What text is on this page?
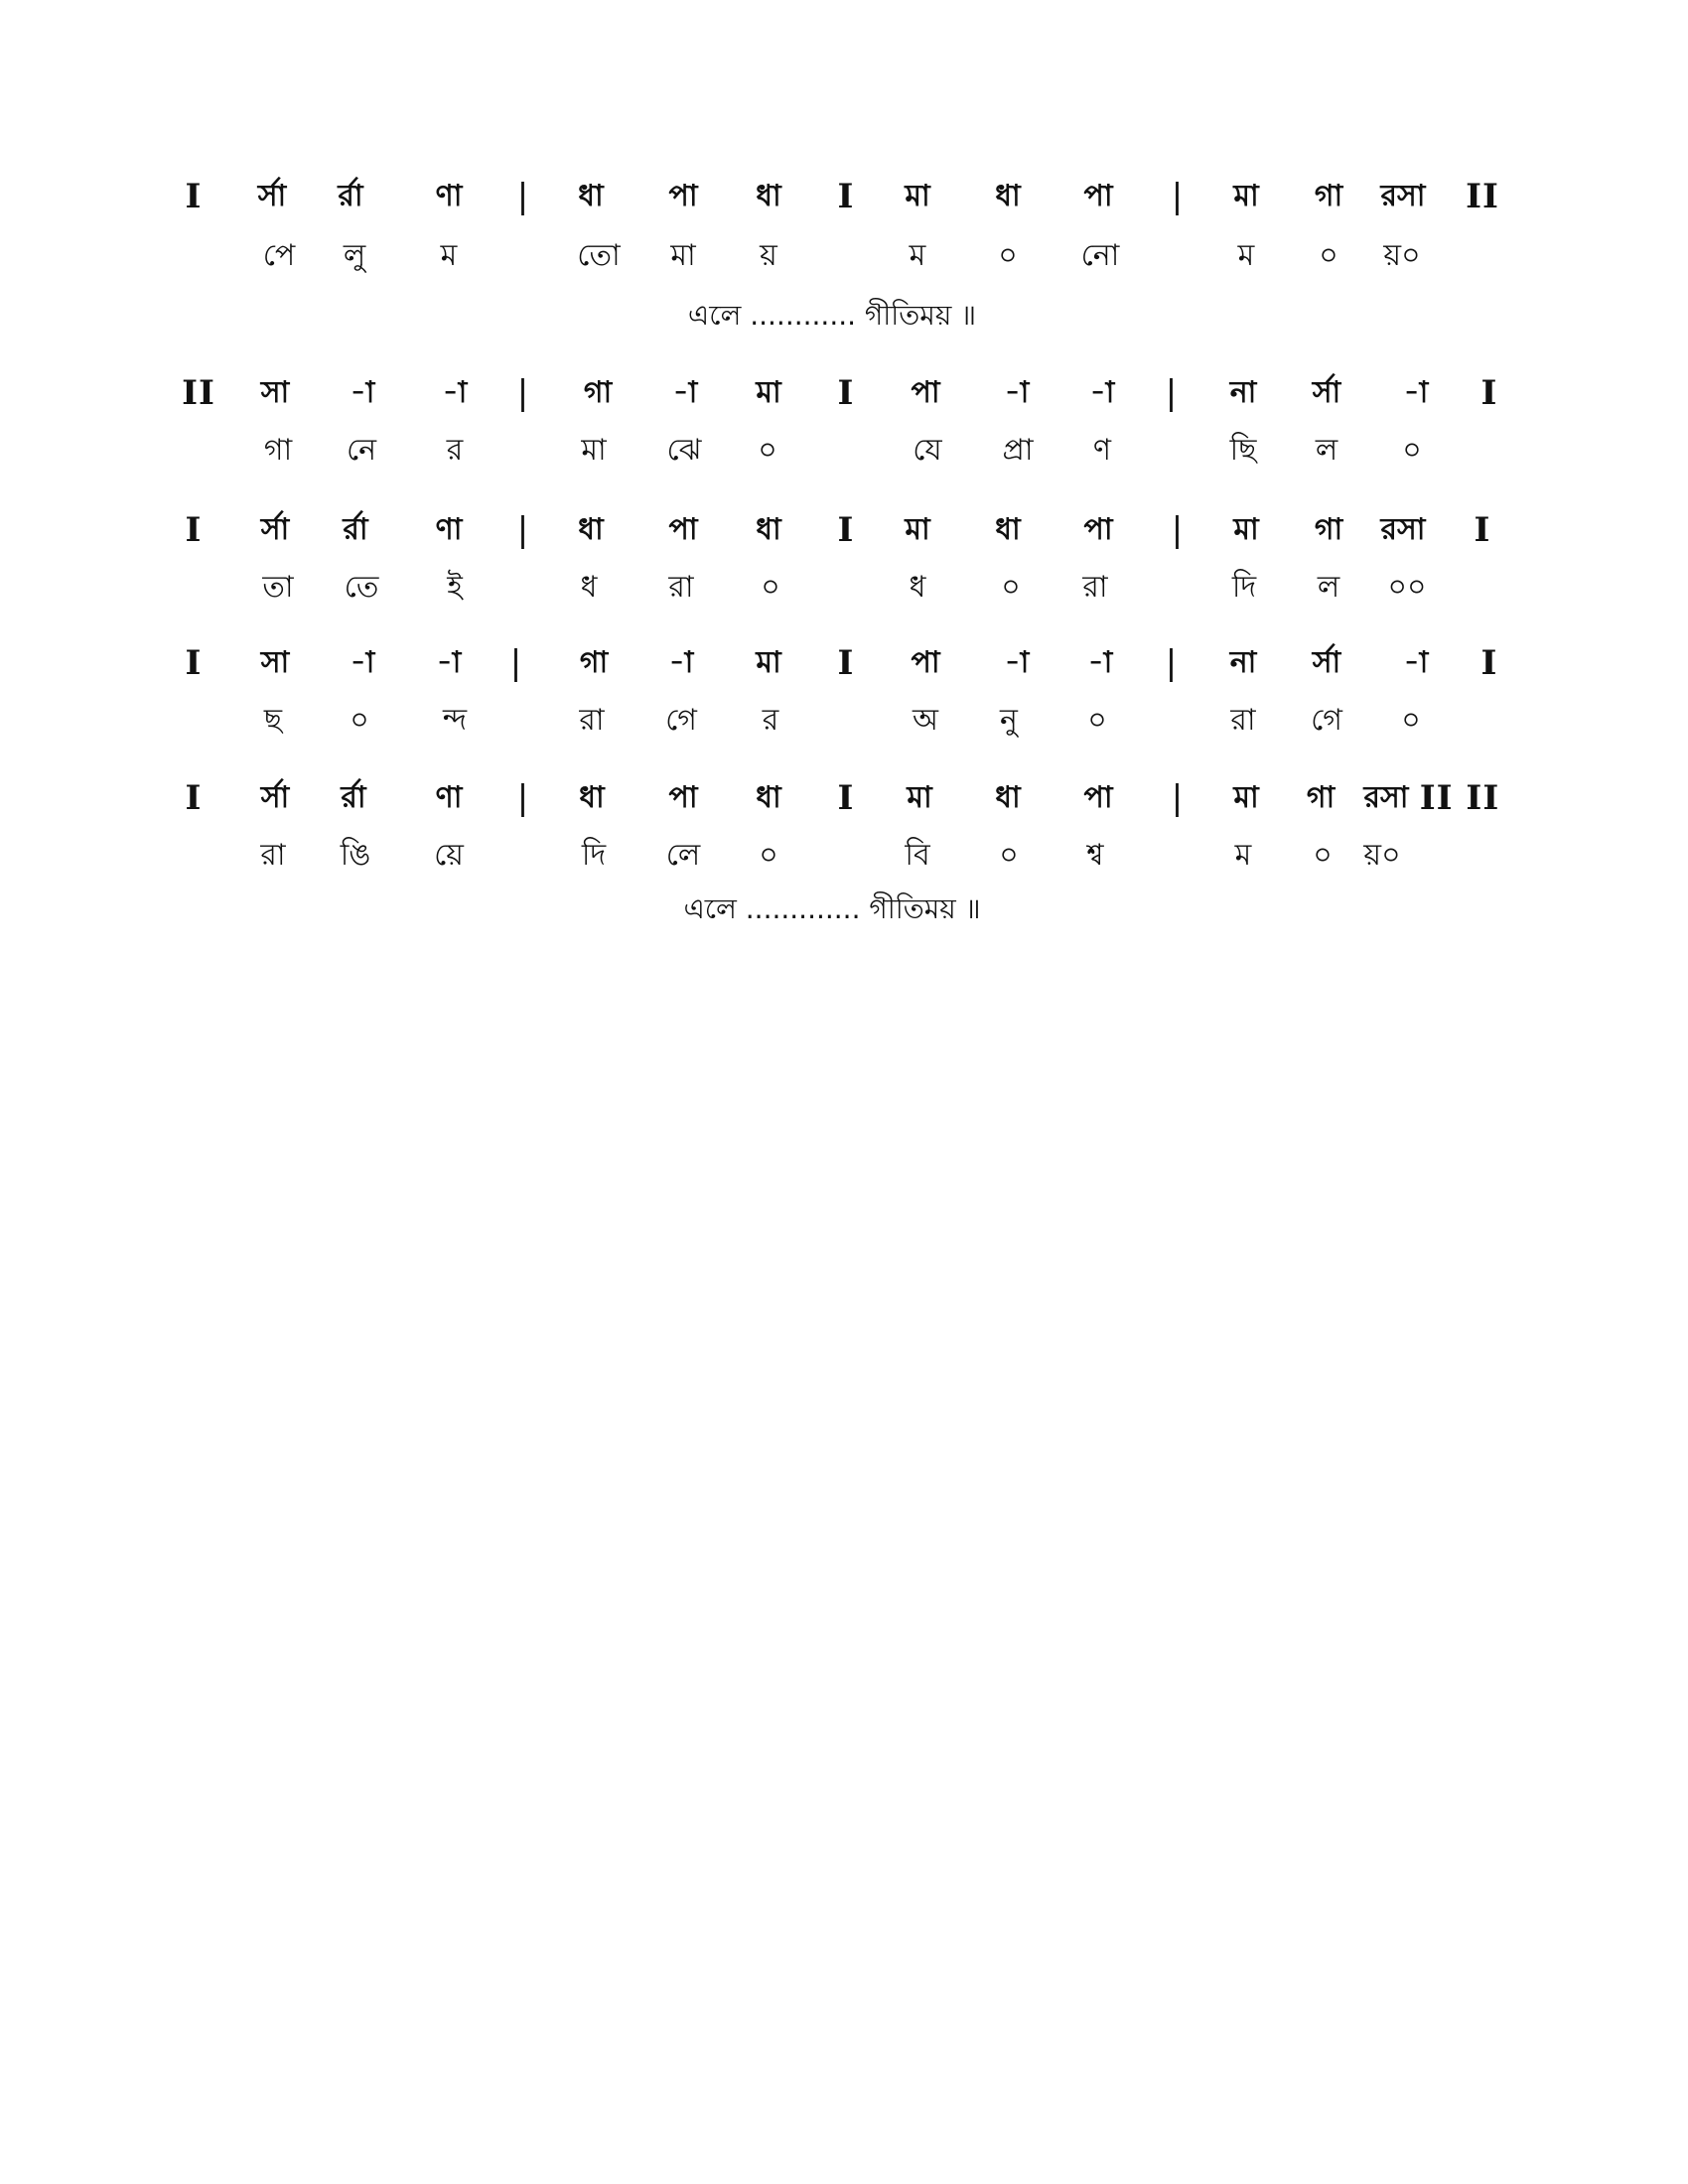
I র্সা র্রা ণা | ধা পা ধা I মা ধা পা | মা গা রসা II
পে লু	ম	তো মা য়	ম ০ নো	ম ০ য়০
এলে ............ গীতিময় ॥
II সা -া -া | গা -া মা I পা -া -া | না র্সা -া I
গা নে র	মা ঝে ০	যে প্রা ণ	ছি ল ০
I র্সা র্রা ণা | ধা পা ধা I মা ধা পা | মা গা রসা I
তা তে ই	ধ রা ০	ধ	০ রা	দি ল ০০
I সা -া -া | গা -া মা I পা -া -া | না র্সা -া I
ছ ০ ন্দ	রা গে র	অ নু ০	রা গে ০
I র্সা র্রা ণা | ধা পা ধা I মা ধা পা | মা গা রসা II II
রা ঙি য়ে	দি লে ০	বি ০ শ্ব	ম ০ য়০
এলে ............. গীতিময় ॥
